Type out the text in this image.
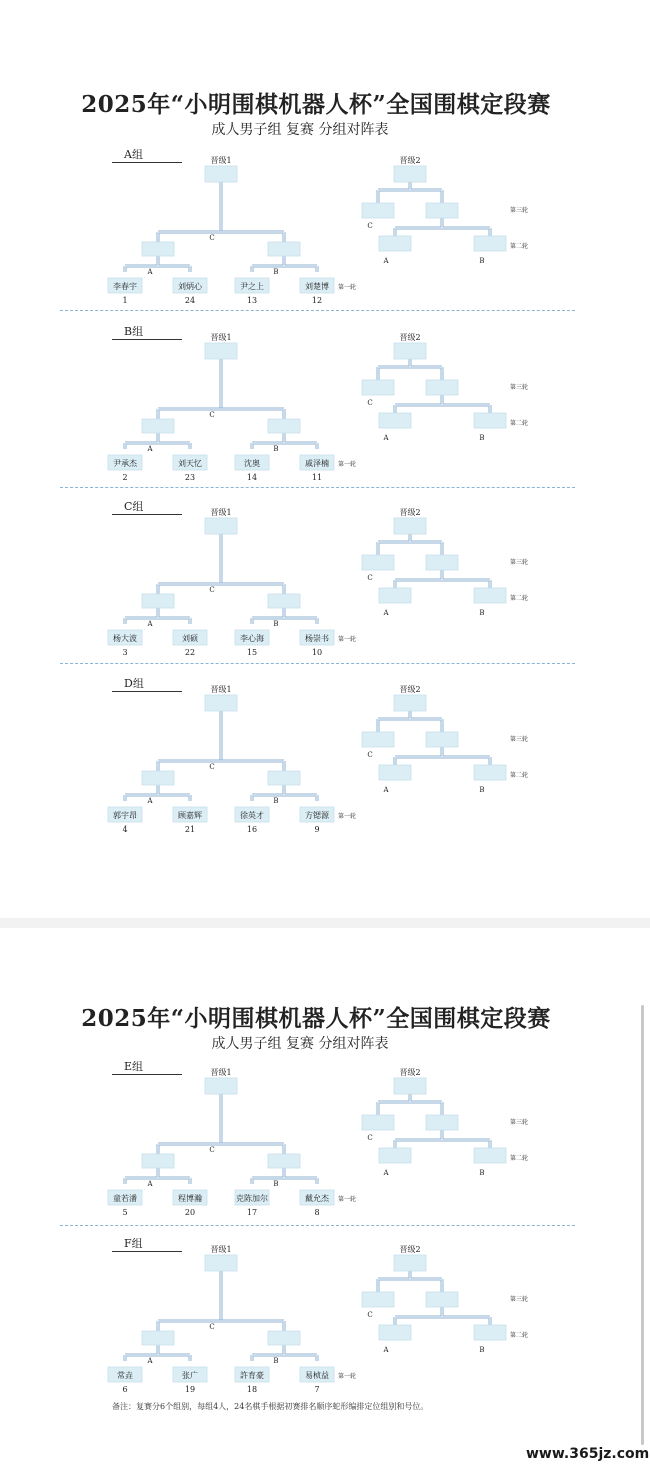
2025年“小明围棋机器人杯”全国围棋定段赛
成人男子组 复赛 分组对阵表
2025年“小明围棋机器人杯”全国围棋定段赛
成人男子组 复赛 分组对阵表
A组	晋级1
C
A	B
李春宇
1
刘炳心
24
尹之上
13
刘楚博
12
第一轮
晋级2
C
第三轮
A	B
第二轮
B组	晋级1
C
A	B
尹承杰
2
刘天忆
23
沈奥
14
戚泽楠
11
第一轮
晋级2
C
第三轮
A	B
第二轮
C组	晋级1
C
A	B
杨大波
3
刘硕
22
李心海
15
杨崇书
10
第一轮
晋级2
C
第三轮
A	B
第二轮
D组	晋级1
C
A	B
郭宇昂
4
顾嘉辉
21
徐英才
16
方锶源
9
第一轮
晋级2
C
第三轮
A	B
第二轮
E组	晋级1
C
A	B
童若潘
5
程博瀚
20
克陈加尔
17
戴允杰
8
第一轮
晋级2
C
第三轮
A	B
第二轮
F组	晋级1
C
A	B
常垚
6
张广
19
許育豪
18
易桢益
7
第一轮
晋级2
C
第三轮
A	B
第二轮
备注：复赛分6个组别，每组4人，24名棋手根据初赛排名顺序蛇形编排定位组别和号位。
www.365jz.com
